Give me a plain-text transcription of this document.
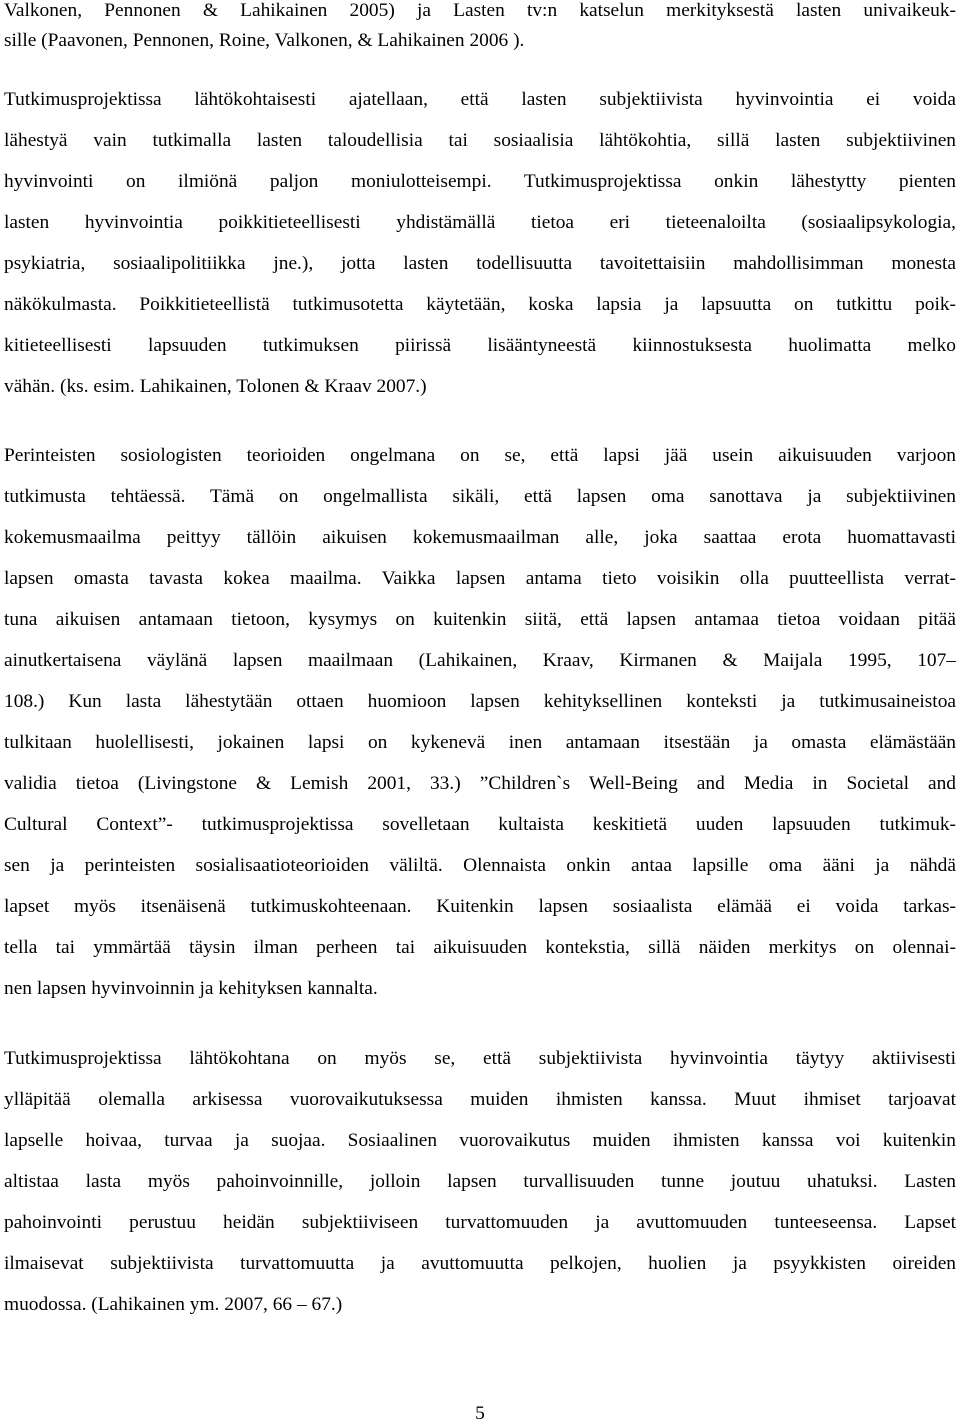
Valkonen, Pennonen & Lahikainen 2005) ja Lasten tv:n katselun merkityksestä lasten univaikeuk-
sille (Paavonen, Pennonen, Roine, Valkonen, & Lahikainen 2006 ).
Tutkimusprojektissa lähtökohtaisesti ajatellaan, että lasten subjektiivista hyvinvointia ei voida
lähestyä vain tutkimalla lasten taloudellisia tai sosiaalisia lähtökohtia, sillä lasten subjektiivinen
hyvinvointi on ilmiönä paljon moniulotteisempi. Tutkimusprojektissa onkin lähestytty pienten
lasten hyvinvointia poikkitieteellisesti yhdistämällä tietoa eri tieteenaloilta (sosiaalipsykologia,
psykiatria, sosiaalipolitiikka jne.), jotta lasten todellisuutta tavoitettaisiin mahdollisimman monesta
näkökulmasta. Poikkitieteellistä tutkimusotetta käytetään, koska lapsia ja lapsuutta on tutkittu poik-
kitieteellisesti lapsuuden tutkimuksen piirissä lisääntyneestä kiinnostuksesta huolimatta melko
vähän. (ks. esim. Lahikainen, Tolonen & Kraav 2007.)
Perinteisten sosiologisten teorioiden ongelmana on se, että lapsi jää usein aikuisuuden varjoon
tutkimusta tehtäessä. Tämä on ongelmallista sikäli, että lapsen oma sanottava ja subjektiivinen
kokemusmaailma peittyy tällöin aikuisen kokemusmaailman alle, joka saattaa erota huomattavasti
lapsen omasta tavasta kokea maailma. Vaikka lapsen antama tieto voisikin olla puutteellista verrat-
tuna aikuisen antamaan tietoon, kysymys on kuitenkin siitä, että lapsen antamaa tietoa voidaan pitää
ainutkertaisena väylänä lapsen maailmaan (Lahikainen, Kraav, Kirmanen & Maijala 1995, 107–
108.) Kun lasta lähestytään ottaen huomioon lapsen kehityksellinen konteksti ja tutkimusaineistoa
tulkitaan huolellisesti, jokainen lapsi on kykenevä inen antamaan itsestään ja omasta elämästään
validia tietoa (Livingstone & Lemish 2001, 33.) ”Children`s Well-Being and Media in Societal and
Cultural Context”- tutkimusprojektissa sovelletaan kultaista keskitietä uuden lapsuuden tutkimuk-
sen ja perinteisten sosialisaatioteorioiden väliltä. Olennaista onkin antaa lapsille oma ääni ja nähdä
lapset myös itsenäisenä tutkimuskohteenaan. Kuitenkin lapsen sosiaalista elämää ei voida tarkas-
tella tai ymmärtää täysin ilman perheen tai aikuisuuden kontekstia, sillä näiden merkitys on olennai-
nen lapsen hyvinvoinnin ja kehityksen kannalta.
Tutkimusprojektissa lähtökohtana on myös se, että subjektiivista hyvinvointia täytyy aktiivisesti
ylläpitää olemalla arkisessa vuorovaikutuksessa muiden ihmisten kanssa. Muut ihmiset tarjoavat
lapselle hoivaa, turvaa ja suojaa. Sosiaalinen vuorovaikutus muiden ihmisten kanssa voi kuitenkin
altistaa lasta myös pahoinvoinnille, jolloin lapsen turvallisuuden tunne joutuu uhatuksi. Lasten
pahoinvointi perustuu heidän subjektiiviseen turvattomuuden ja avuttomuuden tunteeseensa. Lapset
ilmaisevat subjektiivista turvattomuutta ja avuttomuutta pelkojen, huolien ja psyykkisten oireiden
muodossa. (Lahikainen ym. 2007, 66 – 67.)
5
